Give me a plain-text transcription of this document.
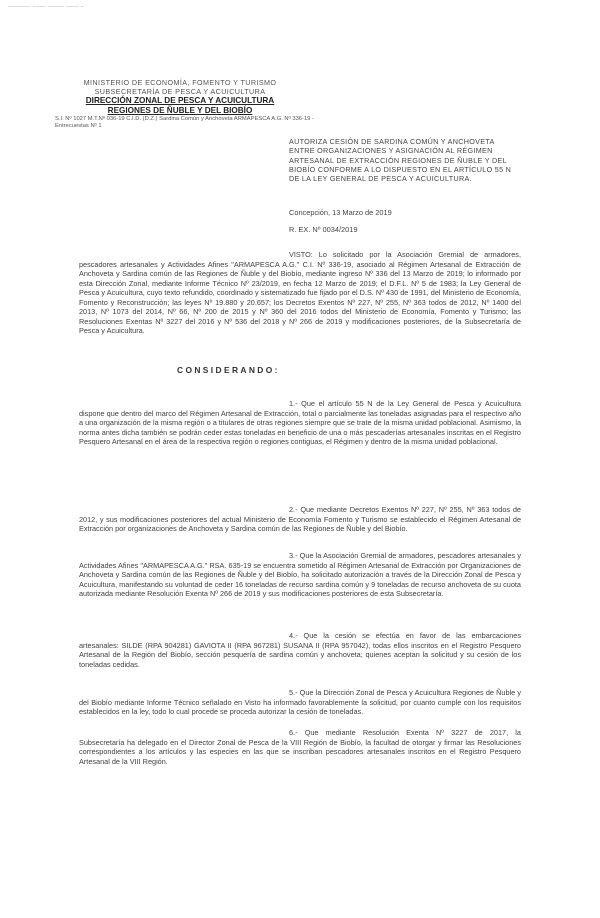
_______ ____ _____ ____ _
MINISTERIO DE ECONOMÍA, FOMENTO Y TURISMO
SUBSECRETARÍA DE PESCA Y ACUICULTURA
DIRECCIÓN ZONAL DE PESCA Y ACUICULTURA
REGIONES DE ÑUBLE Y DEL BIOBÍO
S.I. Nº 1027 M.T.Nº 036-19 C.I.D. (D.Z.) Sardina Común y Anchoveta ARMAPESCA A.G. Nº 336-19 - Entrecuestas Nº 1
AUTORIZA CESIÓN DE SARDINA COMÚN Y ANCHOVETA ENTRE ORGANIZACIONES Y ASIGNACIÓN AL RÉGIMEN ARTESANAL DE EXTRACCIÓN REGIONES DE ÑUBLE Y DEL BIOBÍO CONFORME A LO DISPUESTO EN EL ARTÍCULO 55 N DE LA LEY GENERAL DE PESCA Y ACUICULTURA.
Concepción, 13 Marzo de 2019
R. EX. Nº 0034/2019

VISTO: Lo solicitado por la Asociación Gremial de armadores, pescadores artesanales y Actividades Afines "ARMAPESCA A.G." C.I. Nº 336-19, asociado al Régimen Artesanal de Extracción de Anchoveta y Sardina común de las Regiones de Ñuble y del Biobío, mediante ingreso Nº 336 del 13 Marzo de 2019; lo informado por esta Dirección Zonal, mediante Informe Técnico Nº 23/2019, en fecha 12 Marzo de 2019; el D.F.L. Nº 5 de 1983; la Ley General de Pesca y Acuicultura, cuyo texto refundido, coordinado y sistematizado fue fijado por el D.S. Nº 430 de 1991, del Ministerio de Economía, Fomento y Reconstrucción; las leyes Nº 19.880 y 20.657; los Decretos Exentos Nº 227, Nº 255, Nº 363 todos de 2012, Nº 1400 del 2013, Nº 1073 del 2014, Nº 66, Nº 200 de 2015 y Nº 360 del 2016 todos del Ministerio de Economía, Fomento y Turismo; las Resoluciones Exentas Nº 3227 del 2016 y Nº 536 del 2018 y Nº 266 de 2019 y modificaciones posteriores, de la Subsecretaría de Pesca y Acuicultura.

CONSIDERANDO:

1.- Que el artículo 55 N de la Ley General de Pesca y Acuicultura dispone que dentro del marco del Régimen Artesanal de Extracción, total o parcialmente las toneladas asignadas para el respectivo año a una organización de la misma región o a titulares de otras regiones siempre que se trate de la misma unidad poblacional. Asimismo, la norma antes dicha también se podrán ceder estas toneladas en beneficio de una o más pescaderías artesanales inscritas en el Registro Pesquero Artesanal en el área de la respectiva región o regiones contiguas, el Régimen y dentro de la misma unidad poblacional.

2.- Que mediante Decretos Exentos Nº 227, Nº 255, Nº 363 todos de 2012, y sus modificaciones posteriores del actual Ministerio de Economía Fomento y Turismo se establecido el Régimen Artesanal de Extracción por organizaciones de Anchoveta y Sardina común de las Regiones de Ñuble y del Biobío.

3.- Que la Asociación Gremial de armadores, pescadores artesanales y Actividades Afines "ARMAPESCA A.G." RSA. 635-19 se encuentra sometido al Régimen Artesanal de Extracción por Organizaciones de Anchoveta y Sardina común de las Regiones de Ñuble y del Biobío, ha solicitado autorización a través de la Dirección Zonal de Pesca y Acuicultura, manifestando su voluntad de ceder 16 toneladas de recurso sardina común y 9 toneladas de recurso anchoveta de su cuota autorizada mediante Resolución Exenta Nº 266 de 2019 y sus modificaciones posteriores de esta Subsecretaría.

4.- Que la cesión se efectúa en favor de las embarcaciones artesanales: SILDE (RPA 904281) GAVIOTA II (RPA 967281) SUSANA II (RPA 957042), todas ellos inscritos en el Registro Pesquero Artesanal de la Región del Biobío, sección pesquería de sardina común y anchoveta; quienes aceptan la solicitud y su cesión de los toneladas cedidas.

5.- Que la Dirección Zonal de Pesca y Acuicultura Regiones de Ñuble y del Biobío mediante Informe Técnico señalado en Visto ha informado favorablemente la solicitud, por cuanto cumple con los requisitos establecidos en la ley, todo lo cual procede se proceda autorizar la cesión de toneladas.

6.- Que mediante Resolución Exenta Nº 3227 de 2017, la Subsecretaría ha delegado en el Director Zonal de Pesca de la VIII Región de Biobío, la facultad de otorgar y firmar las Resoluciones correspondientes a los artículos y las especies en las que se inscriban pescadores artesanales inscritos en el Registro Pesquero Artesanal de la VIII Región.
